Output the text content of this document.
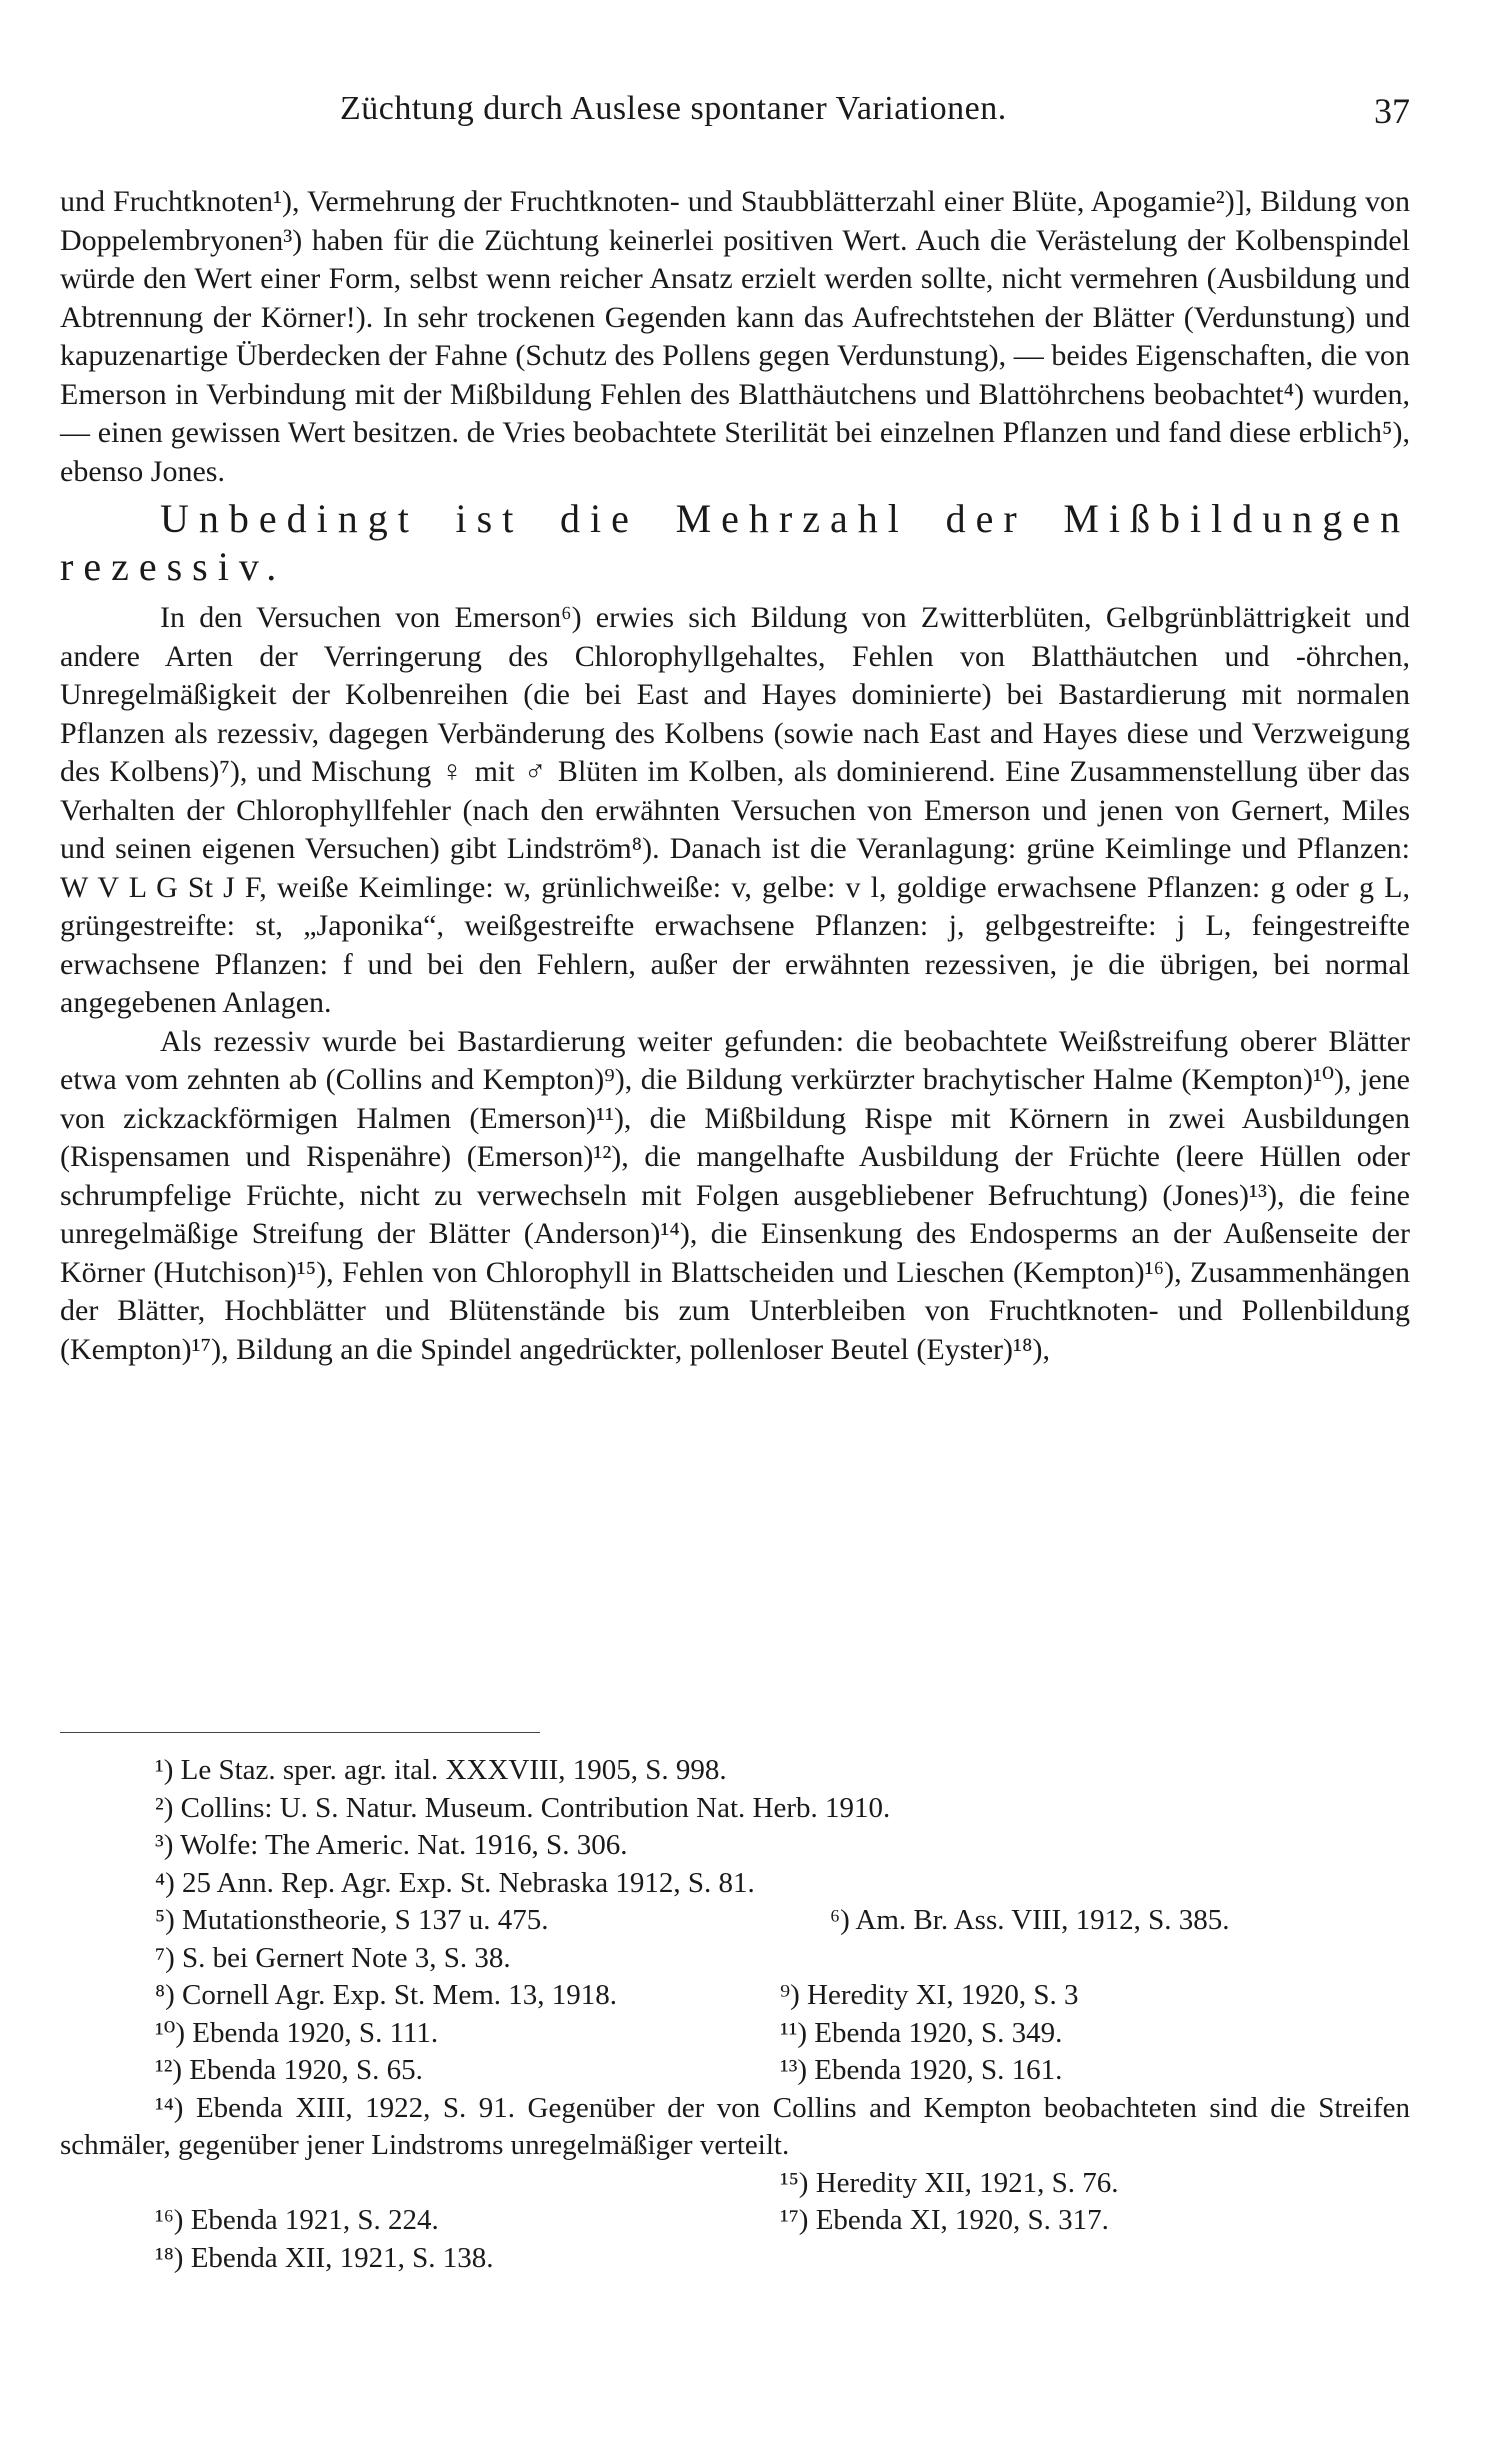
Züchtung durch Auslese spontaner Variationen.	37

und Fruchtknoten¹), Vermehrung der Fruchtknoten- und Staubblätterzahl einer Blüte, Apogamie²)], Bildung von Doppelembryonen³) haben für die Züchtung keinerlei positiven Wert. Auch die Verästelung der Kolbenspindel würde den Wert einer Form, selbst wenn reicher Ansatz erzielt werden sollte, nicht vermehren (Ausbildung und Abtrennung der Körner!). In sehr trockenen Gegenden kann das Aufrechtstehen der Blätter (Verdunstung) und kapuzenartige Überdecken der Fahne (Schutz des Pollens gegen Verdunstung), — beides Eigenschaften, die von Emerson in Verbindung mit der Mißbildung Fehlen des Blatthäutchens und Blattöhrchens beobachtet⁴) wurden, — einen gewissen Wert besitzen. de Vries beobachtete Sterilität bei einzelnen Pflanzen und fand diese erblich⁵), ebenso Jones.

Unbedingt ist die Mehrzahl der Mißbildungen rezessiv.

In den Versuchen von Emerson⁶) erwies sich Bildung von Zwitterblüten, Gelbgrünblättrigkeit und andere Arten der Verringerung des Chlorophyllgehaltes, Fehlen von Blatthäutchen und -öhrchen, Unregelmäßigkeit der Kolbenreihen (die bei East and Hayes dominierte) bei Bastardierung mit normalen Pflanzen als rezessiv, dagegen Verbänderung des Kolbens (sowie nach East and Hayes diese und Verzweigung des Kolbens)⁷), und Mischung ♀ mit ♂ Blüten im Kolben, als dominierend. Eine Zusammenstellung über das Verhalten der Chlorophyllfehler (nach den erwähnten Versuchen von Emerson und jenen von Gernert, Miles und seinen eigenen Versuchen) gibt Lindström⁸). Danach ist die Veranlagung: grüne Keimlinge und Pflanzen: W V L G St J F, weiße Keimlinge: w, grünlichweiße: v, gelbe: v l, goldige erwachsene Pflanzen: g oder g L, grüngestreifte: st, „Japonika“, weißgestreifte erwachsene Pflanzen: j, gelbgestreifte: j L, feingestreifte erwachsene Pflanzen: f und bei den Fehlern, außer der erwähnten rezessiven, je die übrigen, bei normal angegebenen Anlagen.

Als rezessiv wurde bei Bastardierung weiter gefunden: die beobachtete Weißstreifung oberer Blätter etwa vom zehnten ab (Collins and Kempton)⁹), die Bildung verkürzter brachytischer Halme (Kempton)¹⁰), jene von zickzackförmigen Halmen (Emerson)¹¹), die Mißbildung Rispe mit Körnern in zwei Ausbildungen (Rispensamen und Rispenähre) (Emerson)¹²), die mangelhafte Ausbildung der Früchte (leere Hüllen oder schrumpfelige Früchte, nicht zu verwechseln mit Folgen ausgebliebener Befruchtung) (Jones)¹³), die feine unregelmäßige Streifung der Blätter (Anderson)¹⁴), die Einsenkung des Endosperms an der Außenseite der Körner (Hutchison)¹⁵), Fehlen von Chlorophyll in Blattscheiden und Lieschen (Kempton)¹⁶), Zusammenhängen der Blätter, Hochblätter und Blütenstände bis zum Unterbleiben von Fruchtknoten- und Pollenbildung (Kempton)¹⁷), Bildung an die Spindel angedrückter, pollenloser Beutel (Eyster)¹⁸),

¹) Le Staz. sper. agr. ital. XXXVIII, 1905, S. 998.
²) Collins: U. S. Natur. Museum. Contribution Nat. Herb. 1910.
³) Wolfe: The Americ. Nat. 1916, S. 306.
⁴) 25 Ann. Rep. Agr. Exp. St. Nebraska 1912, S. 81.
⁵) Mutationstheorie, S 137 u. 475.	⁶) Am. Br. Ass. VIII, 1912, S. 385.
⁷) S. bei Gernert Note 3, S. 38.
⁸) Cornell Agr. Exp. St. Mem. 13, 1918.	⁹) Heredity XI, 1920, S. 3
¹⁰) Ebenda 1920, S. 111.	¹¹) Ebenda 1920, S. 349.
¹²) Ebenda 1920, S. 65.	¹³) Ebenda 1920, S. 161.

¹⁴) Ebenda XIII, 1922, S. 91. Gegenüber der von Collins and Kempton beobachteten sind die Streifen schmäler, gegenüber jener Lindstroms unregelmäßiger verteilt.

¹⁵) Heredity XII, 1921, S. 76.
¹⁶) Ebenda 1921, S. 224.	¹⁷) Ebenda XI, 1920, S. 317.
¹⁸) Ebenda XII, 1921, S. 138.
